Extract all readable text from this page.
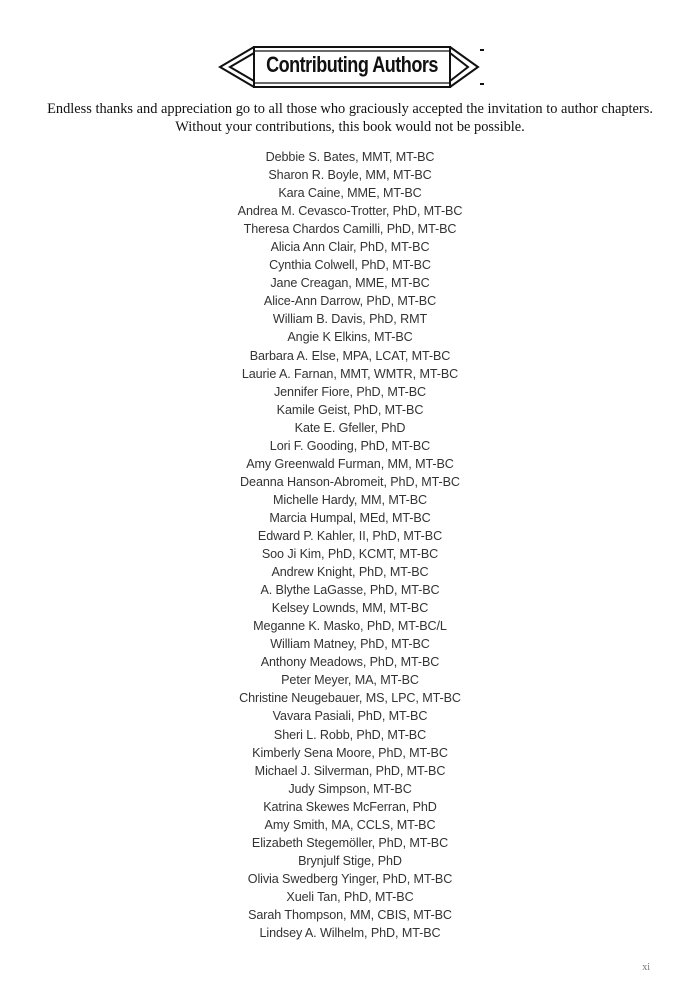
Contributing Authors

Endless thanks and appreciation go to all those who graciously accepted the invitation to author chapters.

Without your contributions, this book would not be possible.

Debbie S. Bates, MMT, MT-BC
Sharon R. Boyle, MM, MT-BC
Kara Caine, MME, MT-BC
Andrea M. Cevasco-Trotter, PhD, MT-BC
Theresa Chardos Camilli, PhD, MT-BC
Alicia Ann Clair, PhD, MT-BC
Cynthia Colwell, PhD, MT-BC
Jane Creagan, MME, MT-BC
Alice-Ann Darrow, PhD, MT-BC
William B. Davis, PhD, RMT
Angie K Elkins, MT-BC
Barbara A. Else, MPA, LCAT, MT-BC
Laurie A. Farnan, MMT, WMTR, MT-BC
Jennifer Fiore, PhD, MT-BC
Kamile Geist, PhD, MT-BC
Kate E. Gfeller, PhD
Lori F. Gooding, PhD, MT-BC
Amy Greenwald Furman, MM, MT-BC
Deanna Hanson-Abromeit, PhD, MT-BC
Michelle Hardy, MM, MT-BC
Marcia Humpal, MEd, MT-BC
Edward P. Kahler, II, PhD, MT-BC
Soo Ji Kim, PhD, KCMT, MT-BC
Andrew Knight, PhD, MT-BC
A. Blythe LaGasse, PhD, MT-BC
Kelsey Lownds, MM, MT-BC
Meganne K. Masko, PhD, MT-BC/L
William Matney, PhD, MT-BC
Anthony Meadows, PhD, MT-BC
Peter Meyer, MA, MT-BC
Christine Neugebauer, MS, LPC, MT-BC
Vavara Pasiali, PhD, MT-BC
Sheri L. Robb, PhD, MT-BC
Kimberly Sena Moore, PhD, MT-BC
Michael J. Silverman, PhD, MT-BC
Judy Simpson, MT-BC
Katrina Skewes McFerran, PhD
Amy Smith, MA, CCLS, MT-BC
Elizabeth Stegemöller, PhD, MT-BC
Brynjulf Stige, PhD
Olivia Swedberg Yinger, PhD, MT-BC
Xueli Tan, PhD, MT-BC
Sarah Thompson, MM, CBIS, MT-BC
Lindsey A. Wilhelm, PhD, MT-BC
xi
